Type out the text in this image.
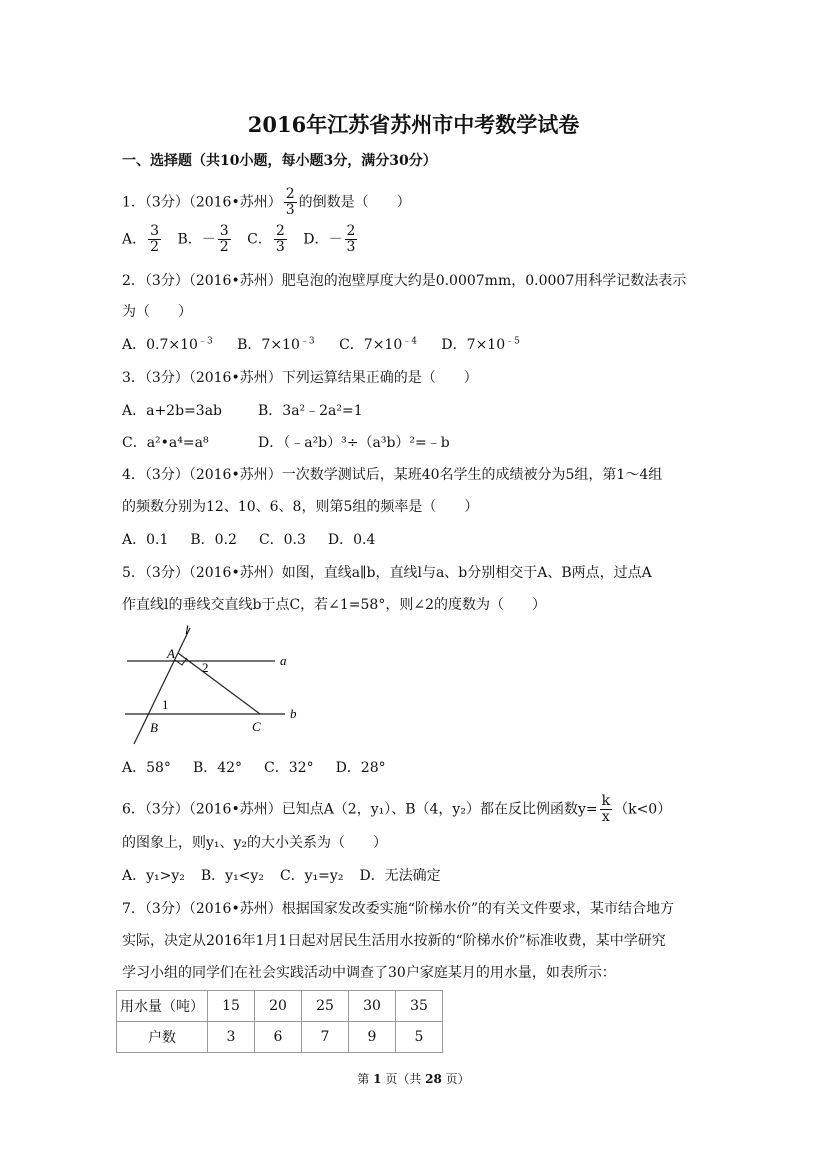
2016年江苏省苏州市中考数学试卷
一、选择题（共10小题，每小题3分，满分30分）
1．（3分）（2016•苏州） $\frac{2}{3}$ 的倒数是（　　）
A． $\frac{3}{2}$ B．－ $\frac{3}{2}$ C． $\frac{2}{3}$ D．－ $\frac{2}{3}$
2．（3分）（2016•苏州）肥皂泡的泡壁厚度大约是0.0007mm，0.0007用科学记数法表示
为（　　）
A．$0.7\times 10^{﹣3}$ B．$7\times 10^{﹣3}$ C．$7\times 10^{﹣4}$ D．$7\times 10^{﹣5}$
3．（3分）（2016•苏州）下列运算结果正确的是（　　）
A．a+2b=3ab	B．3a²﹣2a²=1
C．a²•a⁴=a⁸	D．（﹣a²b）³÷（a³b）²=﹣b
4．（3分）（2016•苏州）一次数学测试后，某班40名学生的成绩被分为5组，第1～4组
的频数分别为12、10、6、8，则第5组的频率是（　　）
A．0.1 B．0.2 C．0.3 D．0.4
5．（3分）（2016•苏州）如图，直线a∥b，直线l与a、b分别相交于A、B两点，过点A
作直线l的垂线交直线b于点C，若∠1=58°，则∠2的度数为（　　）
l
A
2	a
1
B	C
b
A．58° B．42° C．32° D．28°
6．（3分）（2016•苏州）已知点A（2，y₁）、B（4，y₂）都在反比例函数$y= \frac{k}{x} (k<0)$
的图象上，则y₁、y₂的大小关系为（　　）
A．y₁>y₂ B．y₁<y₂ C．y₁=y₂ D．无法确定
7．（3分）（2016•苏州）根据国家发改委实施“阶梯水价”的有关文件要求，某市结合地方
实际，决定从2016年1月1日起对居民生活用水按新的“阶梯水价”标准收费，某中学研究
学习小组的同学们在社会实践活动中调查了30户家庭某月的用水量，如表所示：
用水量（吨）	15	20	25	30	35
户数	3	6	7	9	5
第 1 页（共 28 页）
